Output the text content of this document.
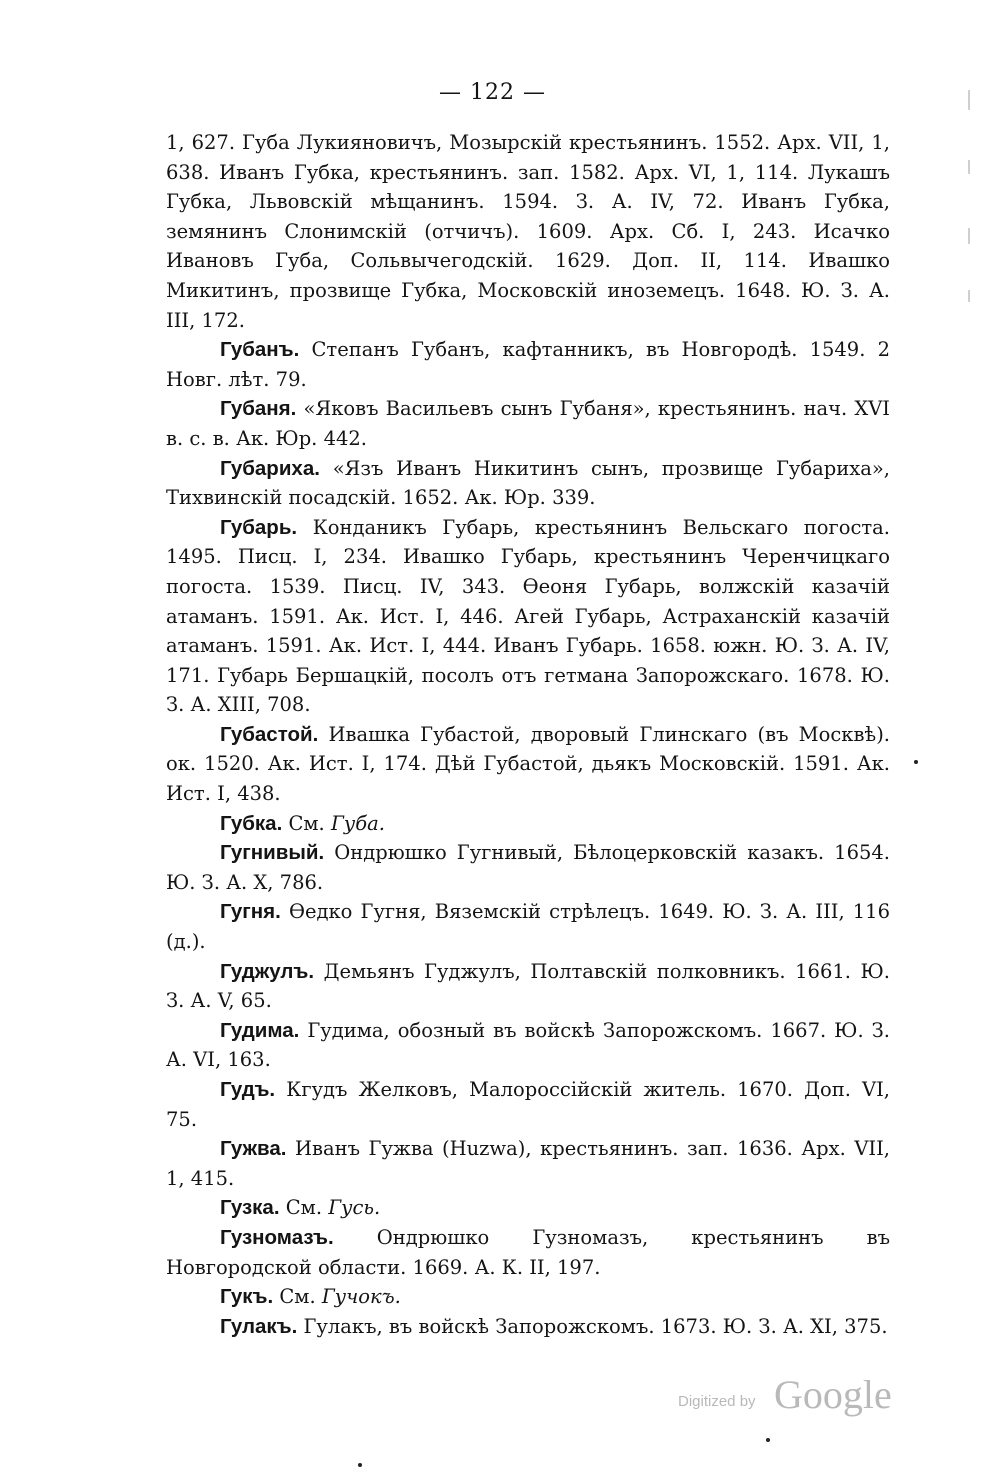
— 122 —

1, 627. Губа Лукияновичъ, Мозырскій крестьянинъ. 1552. Арх. VII, 1, 638. Иванъ Губка, крестьянинъ. зап. 1582. Арх. VI, 1, 114. Лукашъ Губка, Львовскій мѣщанинъ. 1594. З. А. IV, 72. Иванъ Губка, земянинъ Слонимскій (отчичъ). 1609. Арх. Сб. I, 243. Исачко Ивановъ Губа, Сольвычегодскій. 1629. Доп. II, 114. Ивашко Микитинъ, прозвище Губка, Московскій иноземецъ. 1648. Ю. З. А. III, 172.

Губанъ. Степанъ Губанъ, кафтанникъ, въ Новгородѣ. 1549. 2 Новг. лѣт. 79.

Губаня. «Яковъ Васильевъ сынъ Губаня», крестьянинъ. нач. XVI в. с. в. Ак. Юр. 442.

Губариха. «Язъ Иванъ Никитинъ сынъ, прозвище Губариха», Тихвинскій посадскій. 1652. Ак. Юр. 339.

Губарь. Конданикъ Губарь, крестьянинъ Вельскаго погоста. 1495. Писц. I, 234. Ивашко Губарь, крестьянинъ Черенчицкаго погоста. 1539. Писц. IV, 343. Өеоня Губарь, волжскій казачій атаманъ. 1591. Ак. Ист. I, 446. Агей Губарь, Астраханскій казачій атаманъ. 1591. Ак. Ист. I, 444. Иванъ Губарь. 1658. южн. Ю. З. А. IV, 171. Губарь Бершацкій, посолъ отъ гетмана Запорожскаго. 1678. Ю. З. А. XIII, 708.

Губастой. Ивашка Губастой, дворовый Глинскаго (въ Москвѣ). ок. 1520. Ак. Ист. I, 174. Дѣй Губастой, дьякъ Московскій. 1591. Ак. Ист. I, 438.

Губка. См. Губа.

Гугнивый. Ондрюшко Гугнивый, Бѣлоцерковскій казакъ. 1654. Ю. З. А. X, 786.

Гугня. Өедко Гугня, Вяземскій стрѣлецъ. 1649. Ю. З. А. III, 116 (д.).

Гуджулъ. Демьянъ Гуджулъ, Полтавскій полковникъ. 1661. Ю. З. А. V, 65.

Гудима. Гудима, обозный въ войскѣ Запорожскомъ. 1667. Ю. З. А. VI, 163.

Гудъ. Кгудъ Желковъ, Малороссійскій житель. 1670. Доп. VI, 75.

Гужва. Иванъ Гужва (Huzwa), крестьянинъ. зап. 1636. Арх. VII, 1, 415.

Гузка. См. Гусь.

Гузномазъ. Ондрюшко Гузномазъ, крестьянинъ въ Новгородской области. 1669. А. К. II, 197.

Гукъ. См. Гучокъ.

Гулакъ. Гулакъ, въ войскѣ Запорожскомъ. 1673. Ю. З. А. XI, 375.

Digitized by Google
